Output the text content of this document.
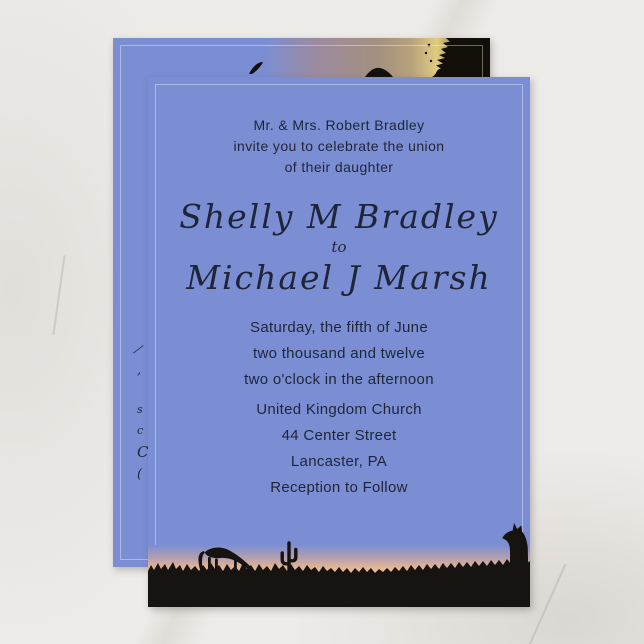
⁄
,
s
c
C
(
Mr. & Mrs. Robert Bradley
invite you to celebrate the union
of their daughter
Shelly M Bradley
to
Michael J Marsh
Saturday, the fifth of June
two thousand and twelve
two o'clock in the afternoon
United Kingdom Church
44 Center Street
Lancaster, PA
Reception to Follow
